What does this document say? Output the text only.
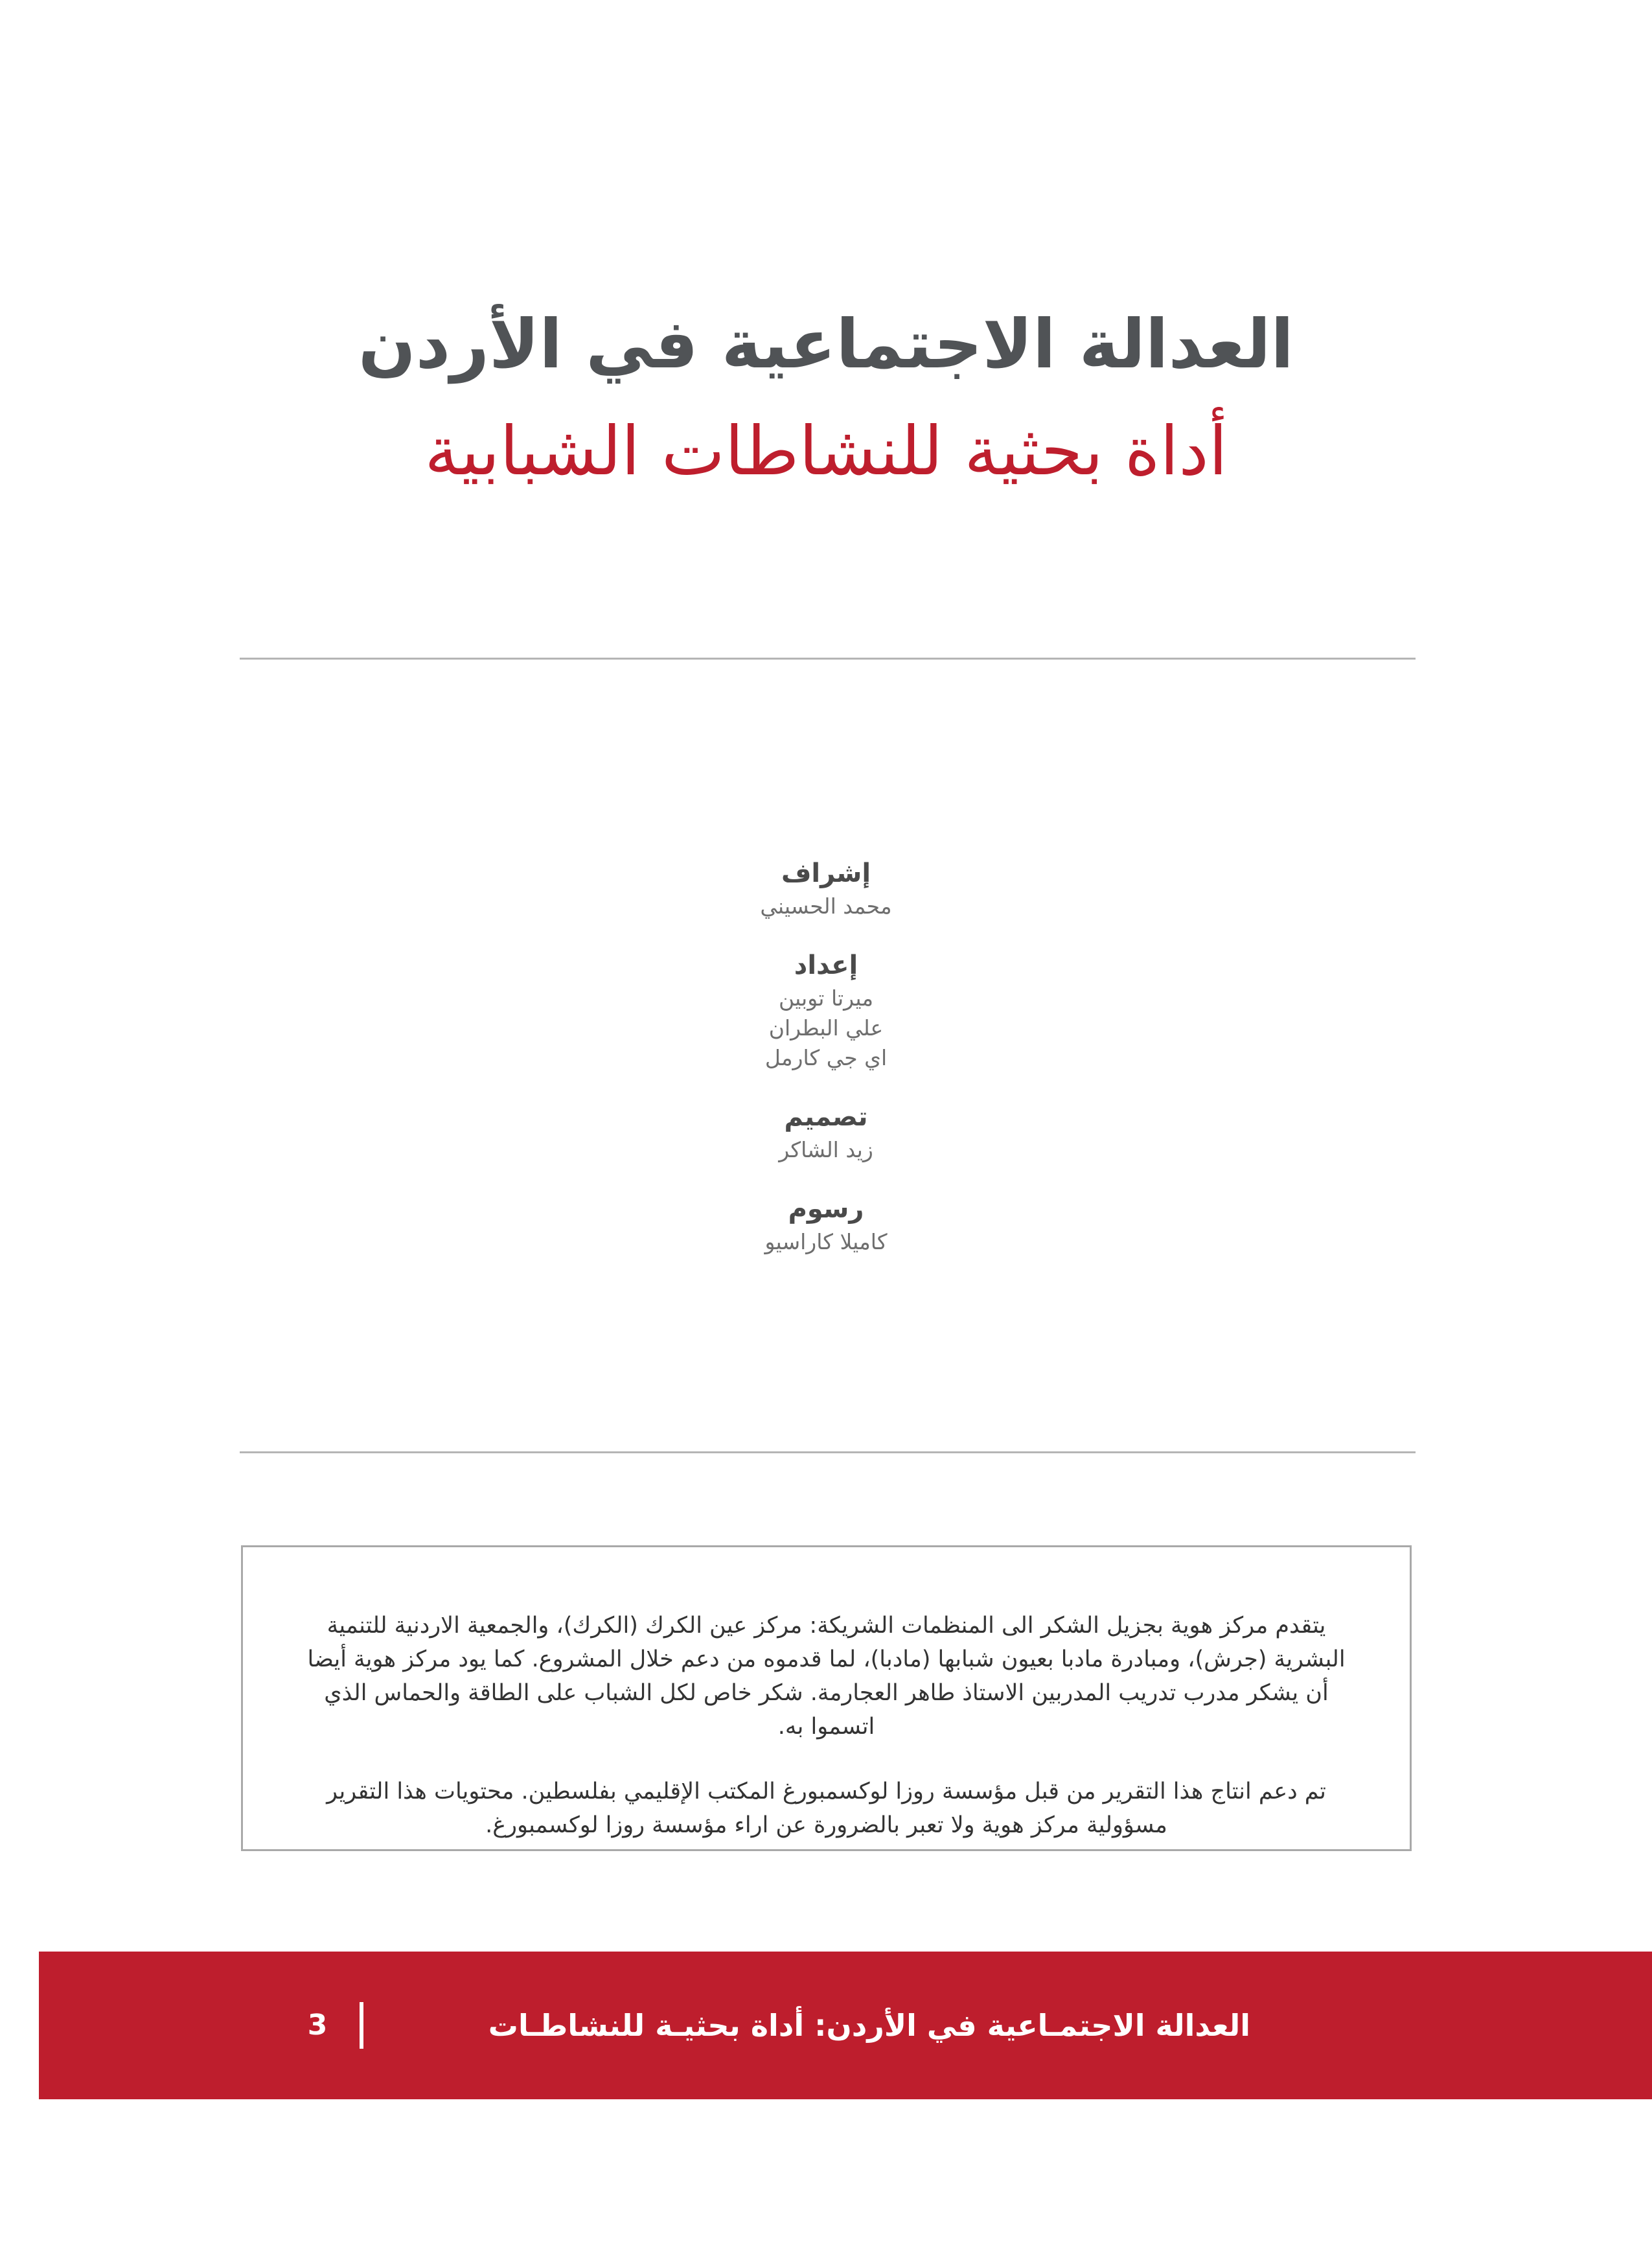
العدالة الاجتماعية في الأردن
أداة بحثية للنشاطات الشبابية
إشراف
محمد الحسيني
إعداد
ميرتا توبين
علي البطران
اي جي كارمل
تصميم
زيد الشاكر
رسوم
كاميلا كاراسيو

يتقدم مركز هوية بجزيل الشكر الى المنظمات الشريكة: مركز عين الكرك (الكرك)، والجمعية الاردنية للتنمية البشرية (جرش)، ومبادرة مادبا بعيون شبابها (مادبا)، لما قدموه من دعم خلال المشروع. كما يود مركز هوية أيضا أن يشكر مدرب تدريب المدربين الاستاذ طاهر العجارمة. شكر خاص لكل الشباب على الطاقة والحماس الذي اتسموا به.

تم دعم انتاج هذا التقرير من قبل مؤسسة روزا لوكسمبورغ المكتب الإقليمي بفلسطين. محتويات هذا التقرير مسؤولية مركز هوية ولا تعبر بالضرورة عن اراء مؤسسة روزا لوكسمبورغ.

العدالة الاجتمـاعية في الأردن: أداة بحثيـة للنشاطـات الشبـابية
3
